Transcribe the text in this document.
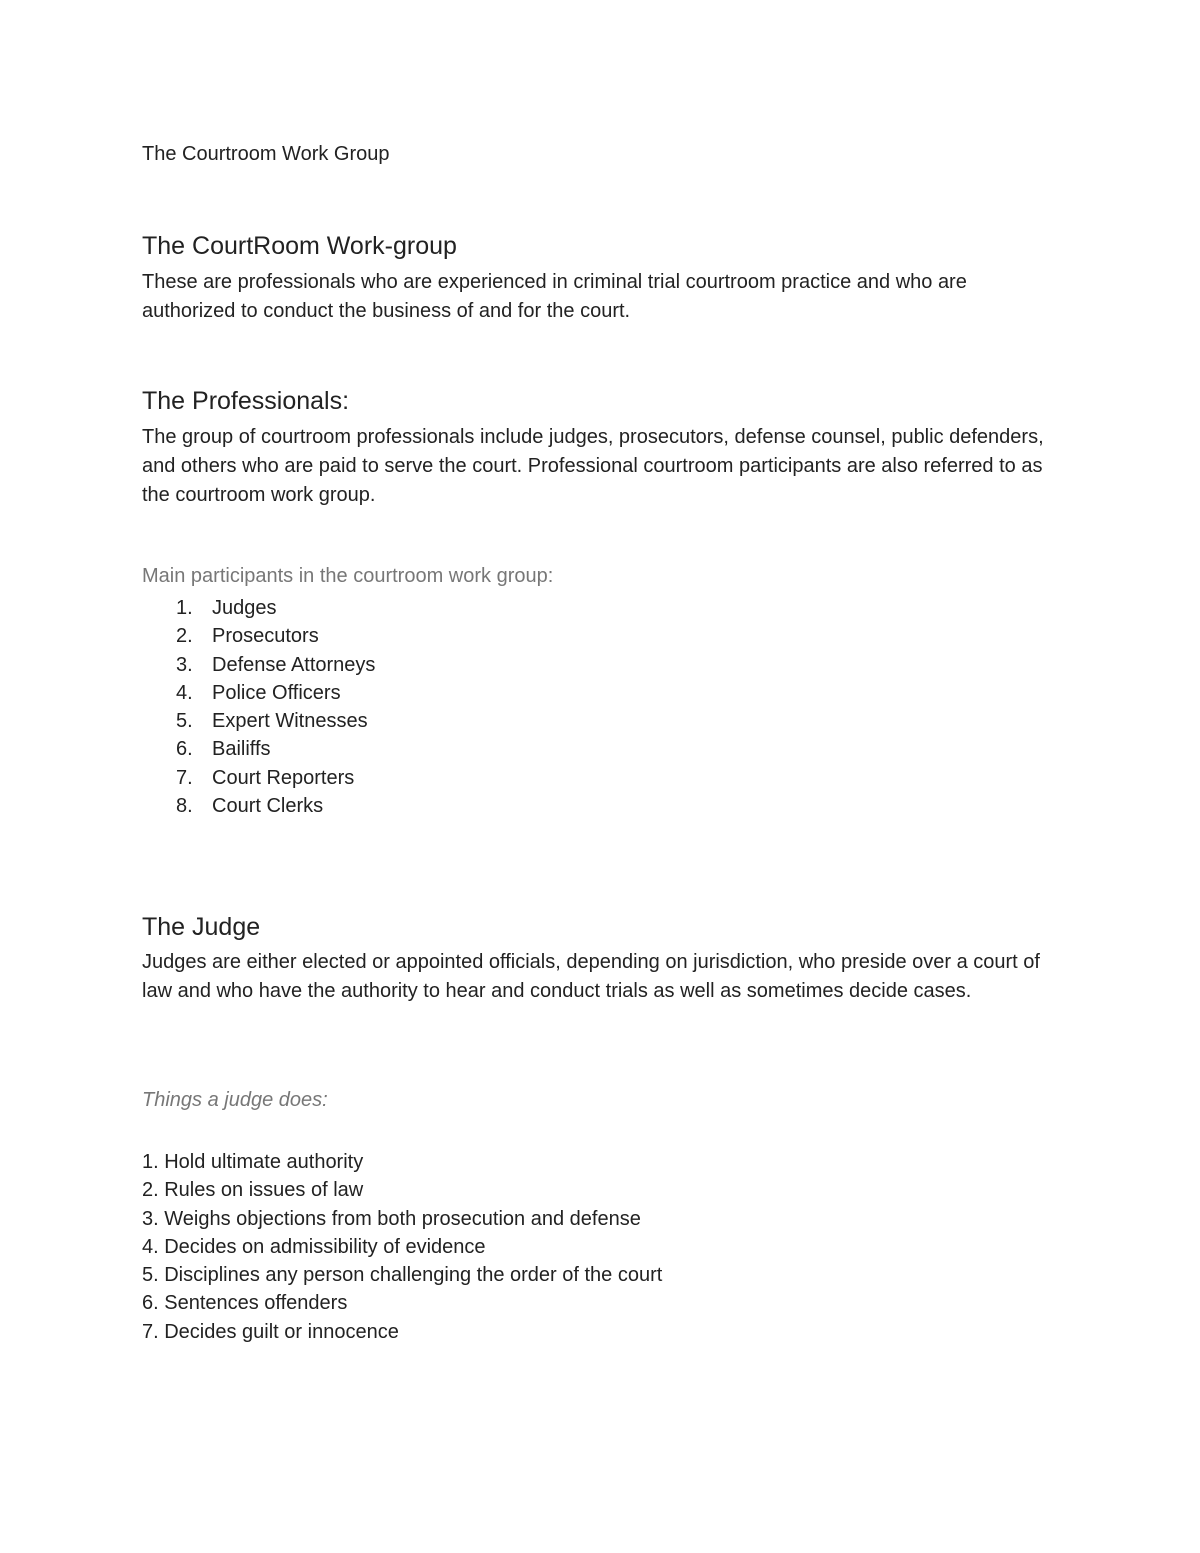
The Courtroom Work Group
The CourtRoom Work-group
These are professionals who are experienced in criminal trial courtroom practice and who are authorized to conduct the business of and for the court.
The Professionals:
The group of courtroom professionals include judges, prosecutors, defense counsel, public defenders, and others who are paid to serve the court. Professional courtroom participants are also referred to as the courtroom work group.
Main participants in the courtroom work group:
1. Judges
2. Prosecutors
3. Defense Attorneys
4. Police Officers
5. Expert Witnesses
6. Bailiffs
7. Court Reporters
8. Court Clerks
The Judge
Judges are either elected or appointed officials, depending on jurisdiction, who preside over a court of law and who have the authority to hear and conduct trials as well as sometimes decide cases.
Things a judge does:
1. Hold ultimate authority
2. Rules on issues of law
3. Weighs objections from both prosecution and defense
4. Decides on admissibility of evidence
5. Disciplines any person challenging the order of the court
6. Sentences offenders
7. Decides guilt or innocence
